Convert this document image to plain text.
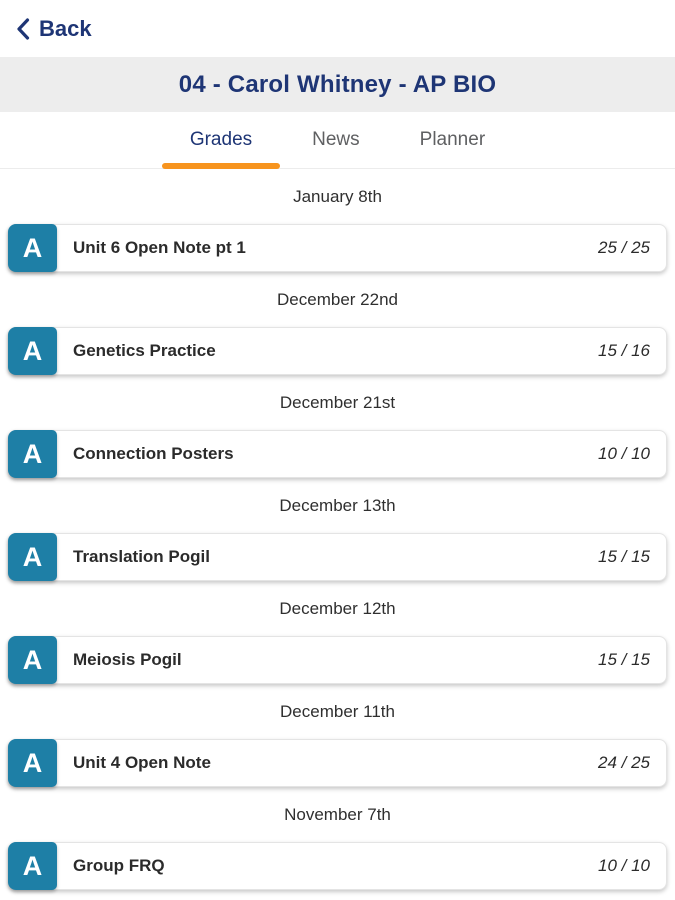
Back
04 - Carol Whitney - AP BIO
Grades	News	Planner
January 8th
A	Unit 6 Open Note pt 1	25 / 25
December 22nd
A	Genetics Practice	15 / 16
December 21st
A	Connection Posters	10 / 10
December 13th
A	Translation Pogil	15 / 15
December 12th
A	Meiosis Pogil	15 / 15
December 11th
A	Unit 4 Open Note	24 / 25
November 7th
A	Group FRQ	10 / 10
